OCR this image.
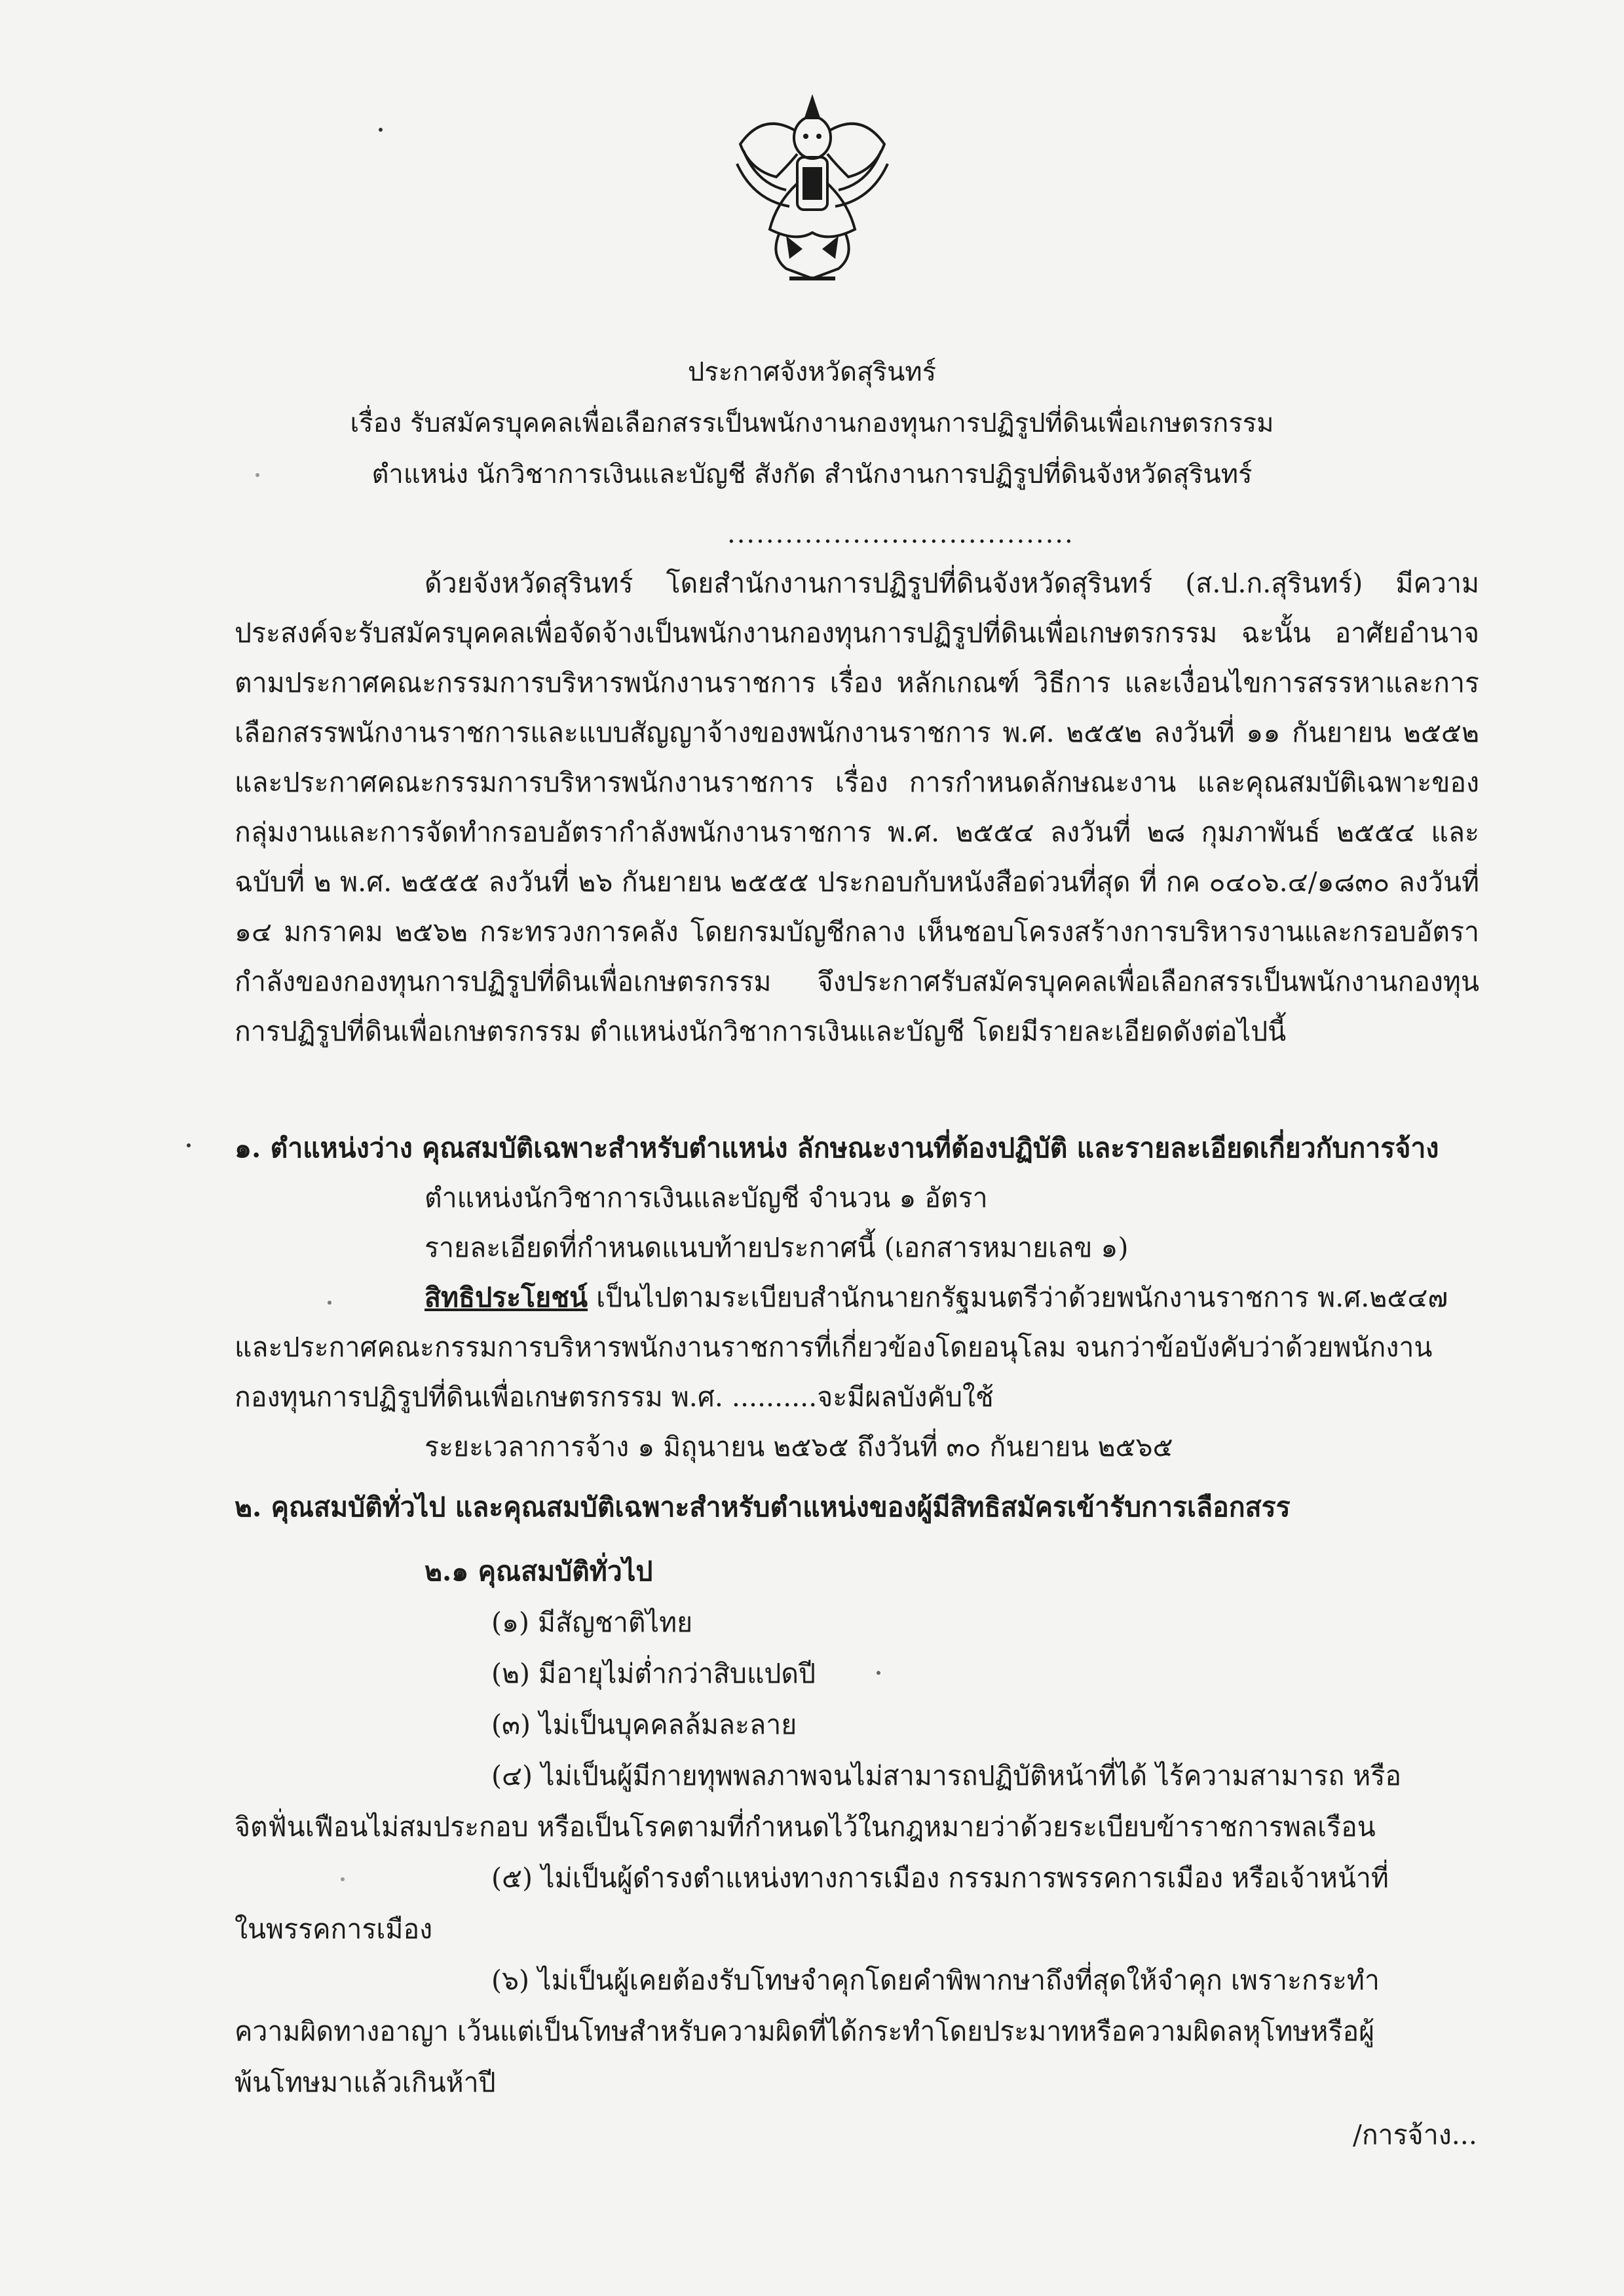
ประกาศจังหวัดสุรินทร์
เรื่อง รับสมัครบุคคลเพื่อเลือกสรรเป็นพนักงานกองทุนการปฏิรูปที่ดินเพื่อเกษตรกรรม
ตำแหน่ง นักวิชาการเงินและบัญชี สังกัด สำนักงานการปฏิรูปที่ดินจังหวัดสุรินทร์
....................................
ด้วยจังหวัดสุรินทร์ โดยสำนักงานการปฏิรูปที่ดินจังหวัดสุรินทร์ (ส.ป.ก.สุรินทร์) มีความประสงค์จะรับสมัครบุคคลเพื่อจัดจ้างเป็นพนักงานกองทุนการปฏิรูปที่ดินเพื่อเกษตรกรรม ฉะนั้น อาศัยอำนาจตามประกาศคณะกรรมการบริหารพนักงานราชการ เรื่อง หลักเกณฑ์ วิธีการ และเงื่อนไขการสรรหาและการเลือกสรรพนักงานราชการและแบบสัญญาจ้างของพนักงานราชการ พ.ศ. ๒๕๕๒ ลงวันที่ ๑๑ กันยายน ๒๕๕๒ และประกาศคณะกรรมการบริหารพนักงานราชการ เรื่อง การกำหนดลักษณะงาน และคุณสมบัติเฉพาะของกลุ่มงานและการจัดทำกรอบอัตรากำลังพนักงานราชการ พ.ศ. ๒๕๕๔ ลงวันที่ ๒๘ กุมภาพันธ์ ๒๕๕๔ และฉบับที่ ๒ พ.ศ. ๒๕๕๕ ลงวันที่ ๒๖ กันยายน ๒๕๕๕ ประกอบกับหนังสือด่วนที่สุด ที่ กค ๐๔๐๖.๔/๑๘๓๐ ลงวันที่ ๑๔ มกราคม ๒๕๖๒ กระทรวงการคลัง โดยกรมบัญชีกลาง เห็นชอบโครงสร้างการบริหารงานและกรอบอัตรากำลังของกองทุนการปฏิรูปที่ดินเพื่อเกษตรกรรม จึงประกาศรับสมัครบุคคลเพื่อเลือกสรรเป็นพนักงานกองทุนการปฏิรูปที่ดินเพื่อเกษตรกรรม ตำแหน่งนักวิชาการเงินและบัญชี โดยมีรายละเอียดดังต่อไปนี้
๑. ตำแหน่งว่าง คุณสมบัติเฉพาะสำหรับตำแหน่ง ลักษณะงานที่ต้องปฏิบัติ และรายละเอียดเกี่ยวกับการจ้าง
ตำแหน่งนักวิชาการเงินและบัญชี จำนวน ๑ อัตรา
รายละเอียดที่กำหนดแนบท้ายประกาศนี้ (เอกสารหมายเลข ๑)
สิทธิประโยชน์ เป็นไปตามระเบียบสำนักนายกรัฐมนตรีว่าด้วยพนักงานราชการ พ.ศ.๒๕๔๗
และประกาศคณะกรรมการบริหารพนักงานราชการที่เกี่ยวข้องโดยอนุโลม จนกว่าข้อบังคับว่าด้วยพนักงาน
กองทุนการปฏิรูปที่ดินเพื่อเกษตรกรรม พ.ศ. ..........จะมีผลบังคับใช้
ระยะเวลาการจ้าง ๑ มิถุนายน ๒๕๖๕ ถึงวันที่ ๓๐ กันยายน ๒๕๖๕
๒. คุณสมบัติทั่วไป และคุณสมบัติเฉพาะสำหรับตำแหน่งของผู้มีสิทธิสมัครเข้ารับการเลือกสรร
๒.๑ คุณสมบัติทั่วไป
(๑) มีสัญชาติไทย
(๒) มีอายุไม่ต่ำกว่าสิบแปดปี
(๓) ไม่เป็นบุคคลล้มละลาย
(๔) ไม่เป็นผู้มีกายทุพพลภาพจนไม่สามารถปฏิบัติหน้าที่ได้ ไร้ความสามารถ หรือ
จิตฟั่นเฟือนไม่สมประกอบ หรือเป็นโรคตามที่กำหนดไว้ในกฎหมายว่าด้วยระเบียบข้าราชการพลเรือน
(๕) ไม่เป็นผู้ดำรงตำแหน่งทางการเมือง กรรมการพรรคการเมือง หรือเจ้าหน้าที่
ในพรรคการเมือง
(๖) ไม่เป็นผู้เคยต้องรับโทษจำคุกโดยคำพิพากษาถึงที่สุดให้จำคุก เพราะกระทำ
ความผิดทางอาญา เว้นแต่เป็นโทษสำหรับความผิดที่ได้กระทำโดยประมาทหรือความผิดลหุโทษหรือผู้
พ้นโทษมาแล้วเกินห้าปี
/การจ้าง...
